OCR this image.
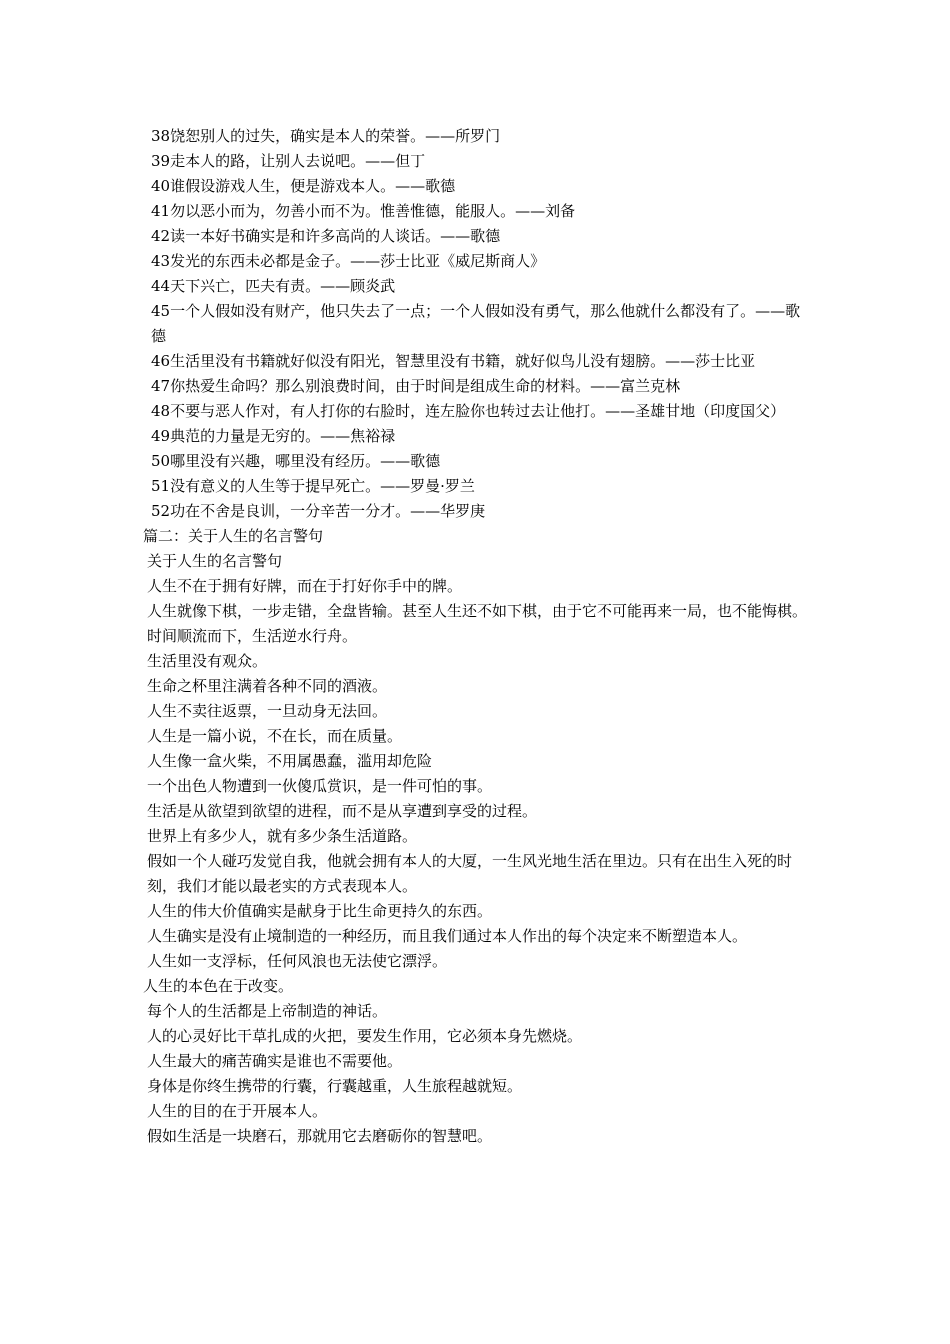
38饶恕别人的过失，确实是本人的荣誉。——所罗门

39走本人的路，让别人去说吧。——但丁

40谁假设游戏人生，便是游戏本人。——歌德

41勿以恶小而为，勿善小而不为。惟善惟德，能服人。——刘备

42读一本好书确实是和许多高尚的人谈话。——歌德

43发光的东西未必都是金子。——莎士比亚《威尼斯商人》

44天下兴亡，匹夫有责。——顾炎武

45一个人假如没有财产，他只失去了一点；一个人假如没有勇气，那么他就什么都没有了。——歌德

46生活里没有书籍就好似没有阳光，智慧里没有书籍，就好似鸟儿没有翅膀。——莎士比亚

47你热爱生命吗？那么别浪费时间，由于时间是组成生命的材料。——富兰克林

48不要与恶人作对，有人打你的右脸时，连左脸你也转过去让他打。——圣雄甘地（印度国父）

49典范的力量是无穷的。——焦裕禄

50哪里没有兴趣，哪里没有经历。——歌德

51没有意义的人生等于提早死亡。——罗曼·罗兰

52功在不舍是良训，一分辛苦一分才。——华罗庚

篇二：关于人生的名言警句

关于人生的名言警句

人生不在于拥有好牌，而在于打好你手中的牌。

人生就像下棋，一步走错，全盘皆输。甚至人生还不如下棋，由于它不可能再来一局，也不能悔棋。

时间顺流而下，生活逆水行舟。

生活里没有观众。

生命之杯里注满着各种不同的酒液。

人生不卖往返票，一旦动身无法回。

人生是一篇小说，不在长，而在质量。

人生像一盒火柴，不用属愚蠢，滥用却危险

一个出色人物遭到一伙傻瓜赏识，是一件可怕的事。

生活是从欲望到欲望的进程，而不是从享遭到享受的过程。

世界上有多少人，就有多少条生活道路。

假如一个人碰巧发觉自我，他就会拥有本人的大厦，一生风光地生活在里边。只有在出生入死的时刻，我们才能以最老实的方式表现本人。

人生的伟大价值确实是献身于比生命更持久的东西。

人生确实是没有止境制造的一种经历，而且我们通过本人作出的每个决定来不断塑造本人。

人生如一支浮标，任何风浪也无法使它漂浮。

人生的本色在于改变。

每个人的生活都是上帝制造的神话。

人的心灵好比干草扎成的火把，要发生作用，它必须本身先燃烧。

人生最大的痛苦确实是谁也不需要他。

身体是你终生携带的行囊，行囊越重，人生旅程越就短。

人生的目的在于开展本人。

假如生活是一块磨石，那就用它去磨砺你的智慧吧。
